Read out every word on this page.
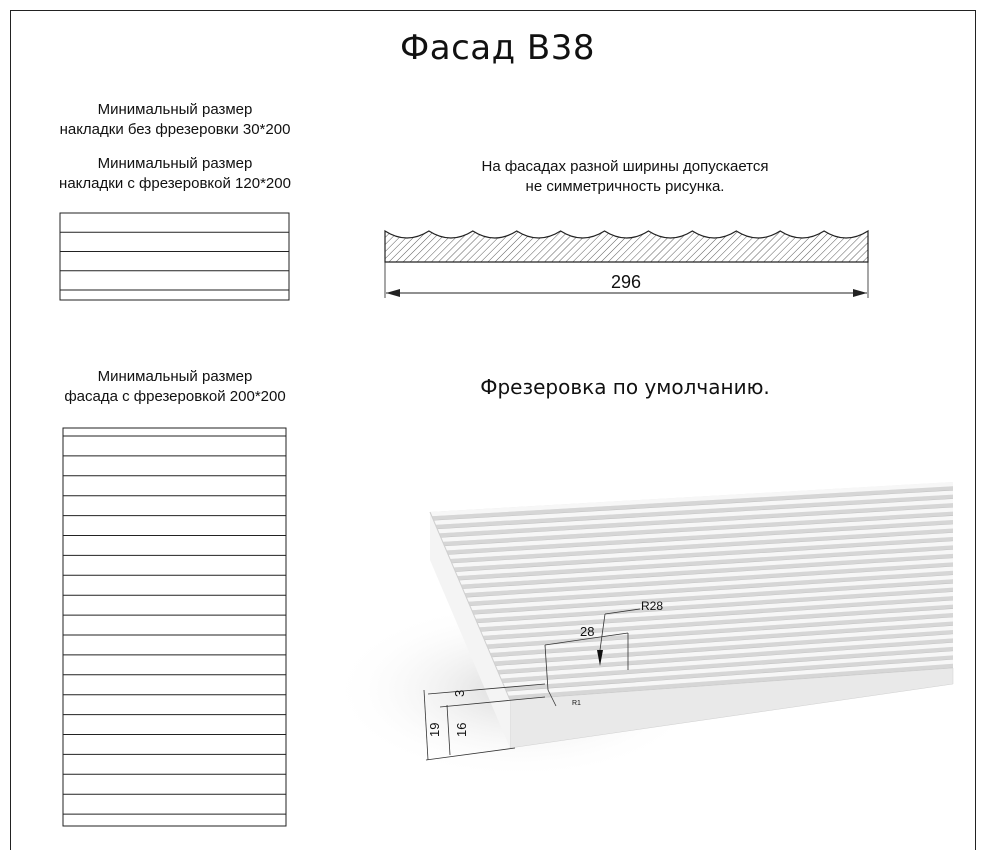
Фасад В38
Минимальный размер
накладки без фрезеровки 30*200
Минимальный размер
накладки с фрезеровкой 120*200
На фасадах разной ширины допускается
не симметричность рисунка.
Минимальный размер
фасада с фрезеровкой 200*200	Фрезеровка по умолчанию.
296
R28
28
R1
3
19 16
